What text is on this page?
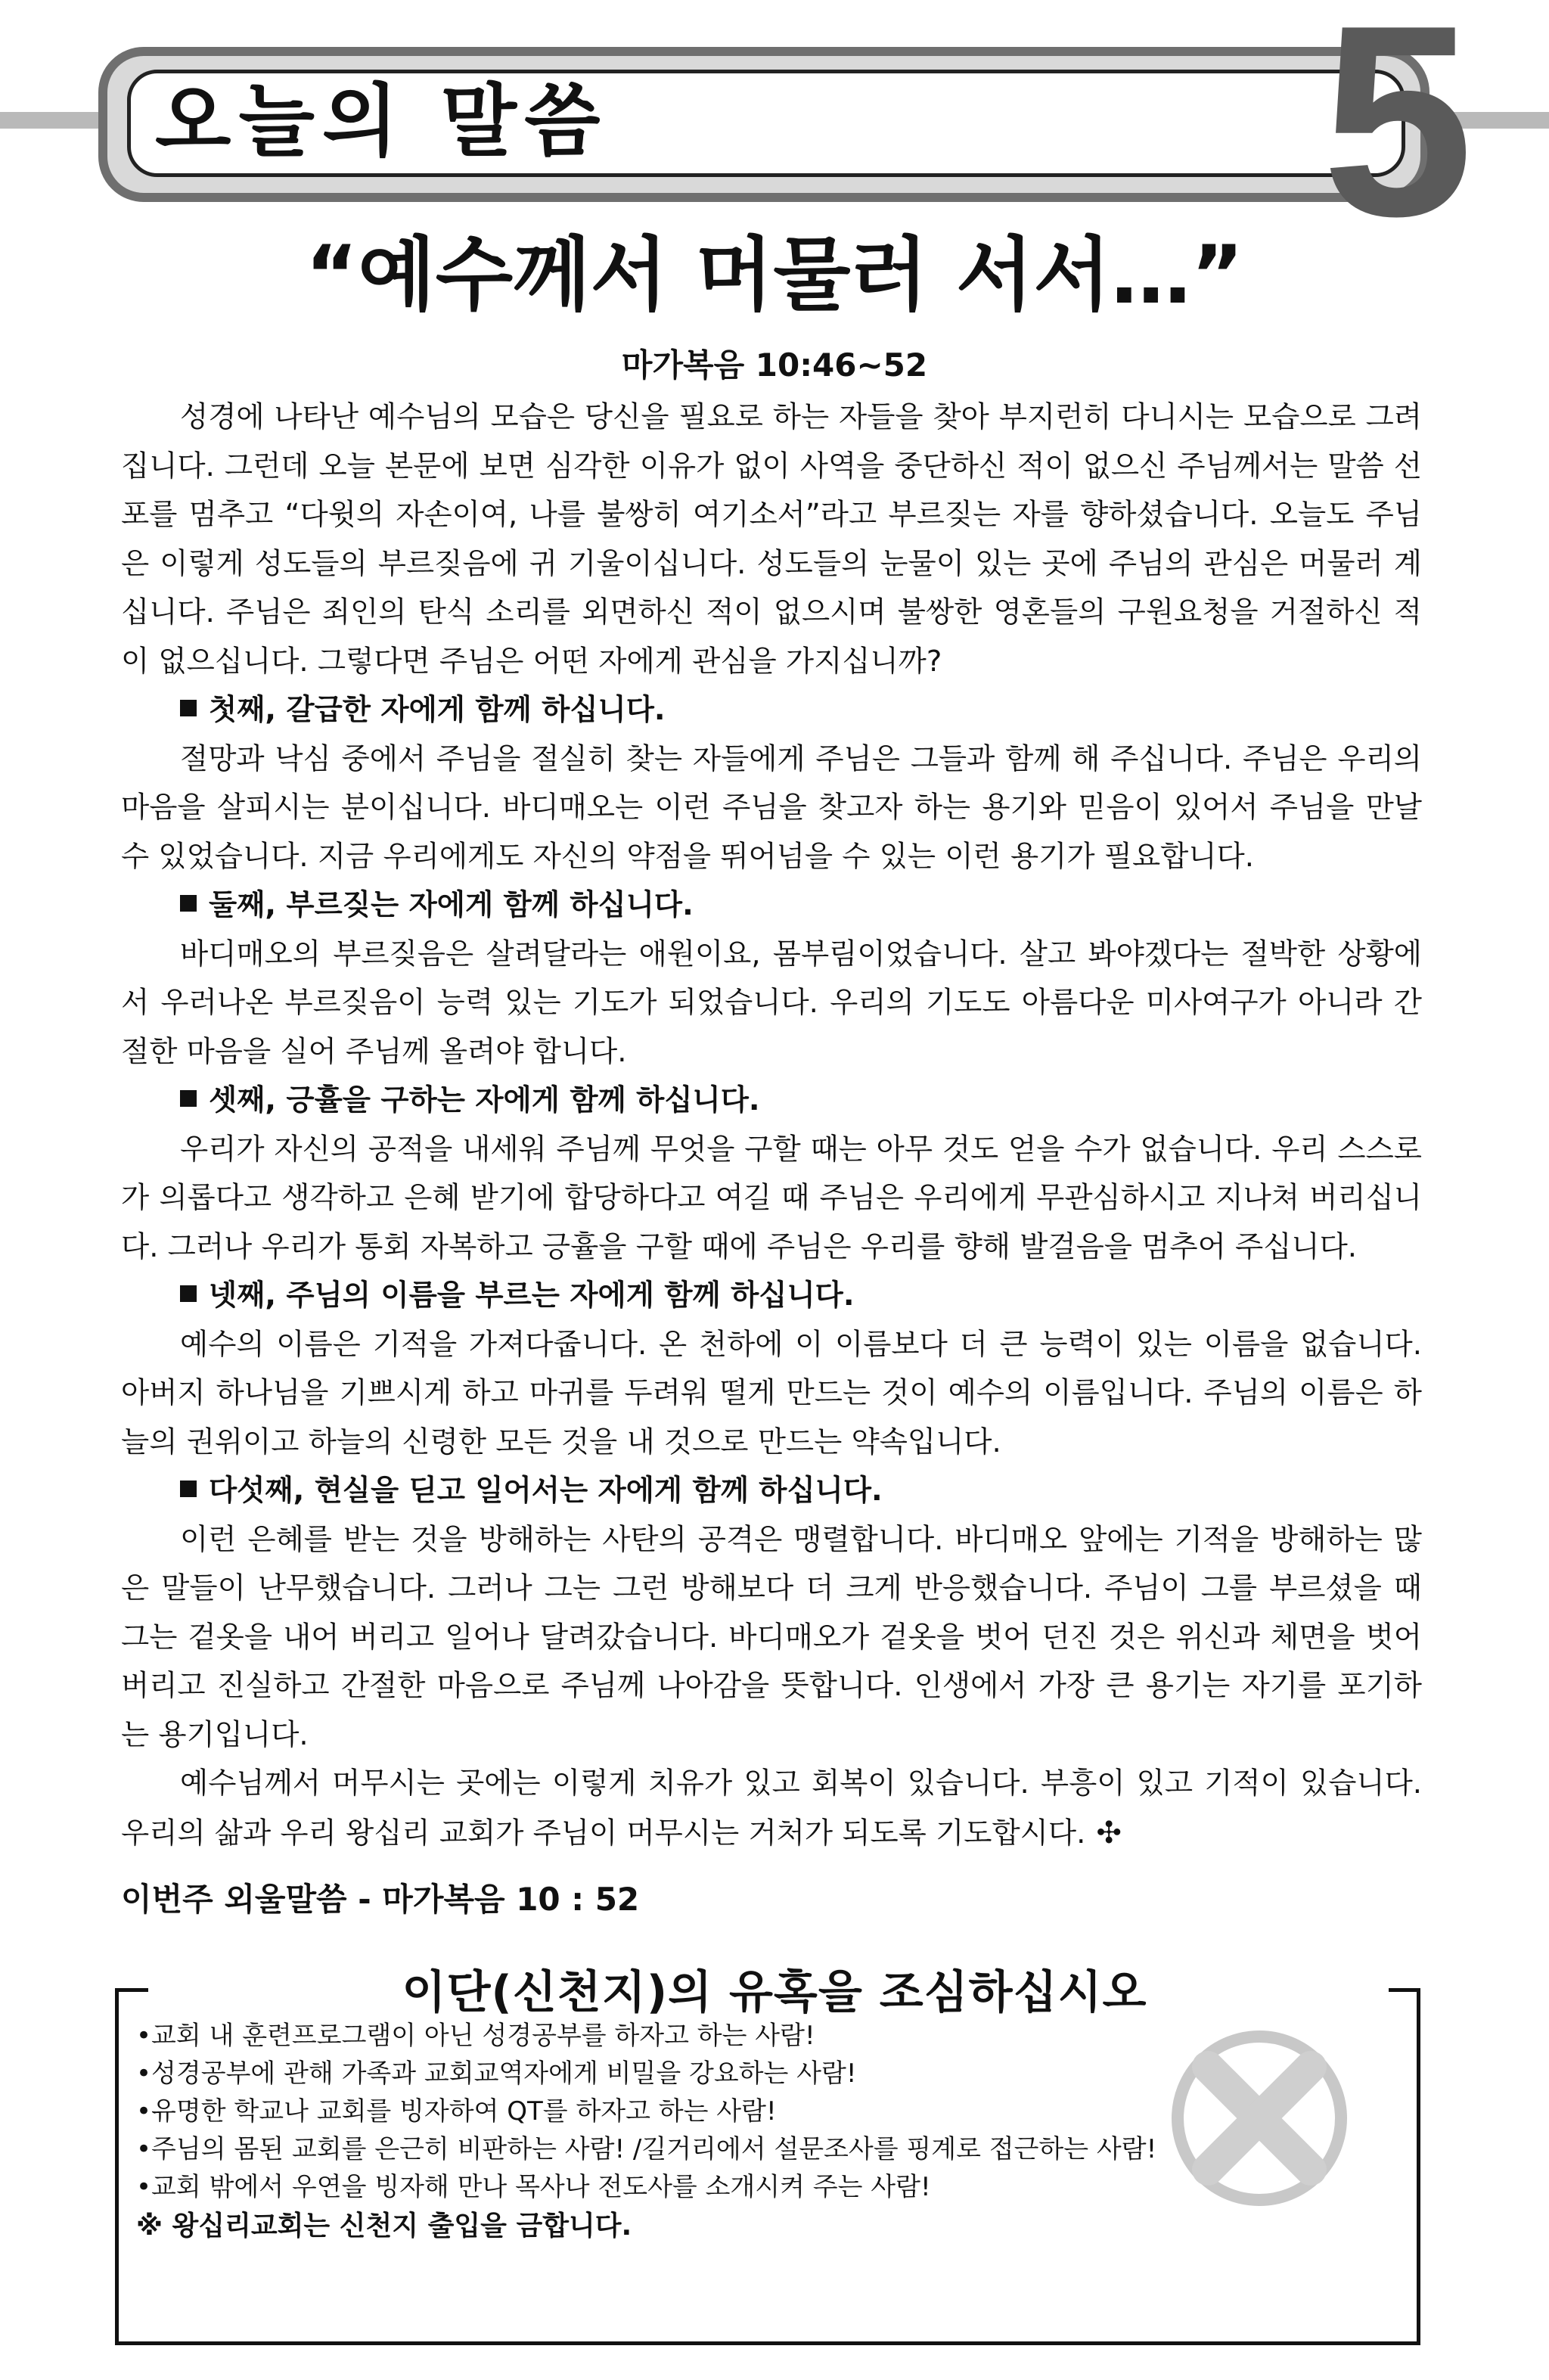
오늘의 말씀	5
“예수께서 머물러 서서…”
마가복음 10:46~52

성경에 나타난 예수님의 모습은 당신을 필요로 하는 자들을 찾아 부지런히 다니시는 모습으로 그려집니다. 그런데 오늘 본문에 보면 심각한 이유가 없이 사역을 중단하신 적이 없으신 주님께서는 말씀 선포를 멈추고 “다윗의 자손이여, 나를 불쌍히 여기소서”라고 부르짖는 자를 향하셨습니다. 오늘도 주님은 이렇게 성도들의 부르짖음에 귀 기울이십니다. 성도들의 눈물이 있는 곳에 주님의 관심은 머물러 계십니다. 주님은 죄인의 탄식 소리를 외면하신 적이 없으시며 불쌍한 영혼들의 구원요청을 거절하신 적이 없으십니다. 그렇다면 주님은 어떤 자에게 관심을 가지십니까?

첫째, 갈급한 자에게 함께 하십니다.

절망과 낙심 중에서 주님을 절실히 찾는 자들에게 주님은 그들과 함께 해 주십니다. 주님은 우리의 마음을 살피시는 분이십니다. 바디매오는 이런 주님을 찾고자 하는 용기와 믿음이 있어서 주님을 만날 수 있었습니다. 지금 우리에게도 자신의 약점을 뛰어넘을 수 있는 이런 용기가 필요합니다.

둘째, 부르짖는 자에게 함께 하십니다.

바디매오의 부르짖음은 살려달라는 애원이요, 몸부림이었습니다. 살고 봐야겠다는 절박한 상황에서 우러나온 부르짖음이 능력 있는 기도가 되었습니다. 우리의 기도도 아름다운 미사여구가 아니라 간절한 마음을 실어 주님께 올려야 합니다.

셋째, 긍휼을 구하는 자에게 함께 하십니다.

우리가 자신의 공적을 내세워 주님께 무엇을 구할 때는 아무 것도 얻을 수가 없습니다. 우리 스스로가 의롭다고 생각하고 은혜 받기에 합당하다고 여길 때 주님은 우리에게 무관심하시고 지나쳐 버리십니다. 그러나 우리가 통회 자복하고 긍휼을 구할 때에 주님은 우리를 향해 발걸음을 멈추어 주십니다.

넷째, 주님의 이름을 부르는 자에게 함께 하십니다.

예수의 이름은 기적을 가져다줍니다. 온 천하에 이 이름보다 더 큰 능력이 있는 이름을 없습니다. 아버지 하나님을 기쁘시게 하고 마귀를 두려워 떨게 만드는 것이 예수의 이름입니다. 주님의 이름은 하늘의 권위이고 하늘의 신령한 모든 것을 내 것으로 만드는 약속입니다.

다섯째, 현실을 딛고 일어서는 자에게 함께 하십니다.

이런 은혜를 받는 것을 방해하는 사탄의 공격은 맹렬합니다. 바디매오 앞에는 기적을 방해하는 많은 말들이 난무했습니다. 그러나 그는 그런 방해보다 더 크게 반응했습니다. 주님이 그를 부르셨을 때 그는 겉옷을 내어 버리고 일어나 달려갔습니다. 바디매오가 겉옷을 벗어 던진 것은 위신과 체면을 벗어버리고 진실하고 간절한 마음으로 주님께 나아감을 뜻합니다. 인생에서 가장 큰 용기는 자기를 포기하는 용기입니다.

예수님께서 머무시는 곳에는 이렇게 치유가 있고 회복이 있습니다. 부흥이 있고 기적이 있습니다. 우리의 삶과 우리 왕십리 교회가 주님이 머무시는 거처가 되도록 기도합시다. ✣

이번주 외울말씀 - 마가복음 10 : 52
이단(신천지)의 유혹을 조심하십시오
•교회 내 훈련프로그램이 아닌 성경공부를 하자고 하는 사람!
•성경공부에 관해 가족과 교회교역자에게 비밀을 강요하는 사람!
•유명한 학교나 교회를 빙자하여 QT를 하자고 하는 사람!
•주님의 몸된 교회를 은근히 비판하는 사람! /길거리에서 설문조사를 핑계로 접근하는 사람!
•교회 밖에서 우연을 빙자해 만나 목사나 전도사를 소개시켜 주는 사람!
※ 왕십리교회는 신천지 출입을 금합니다.
